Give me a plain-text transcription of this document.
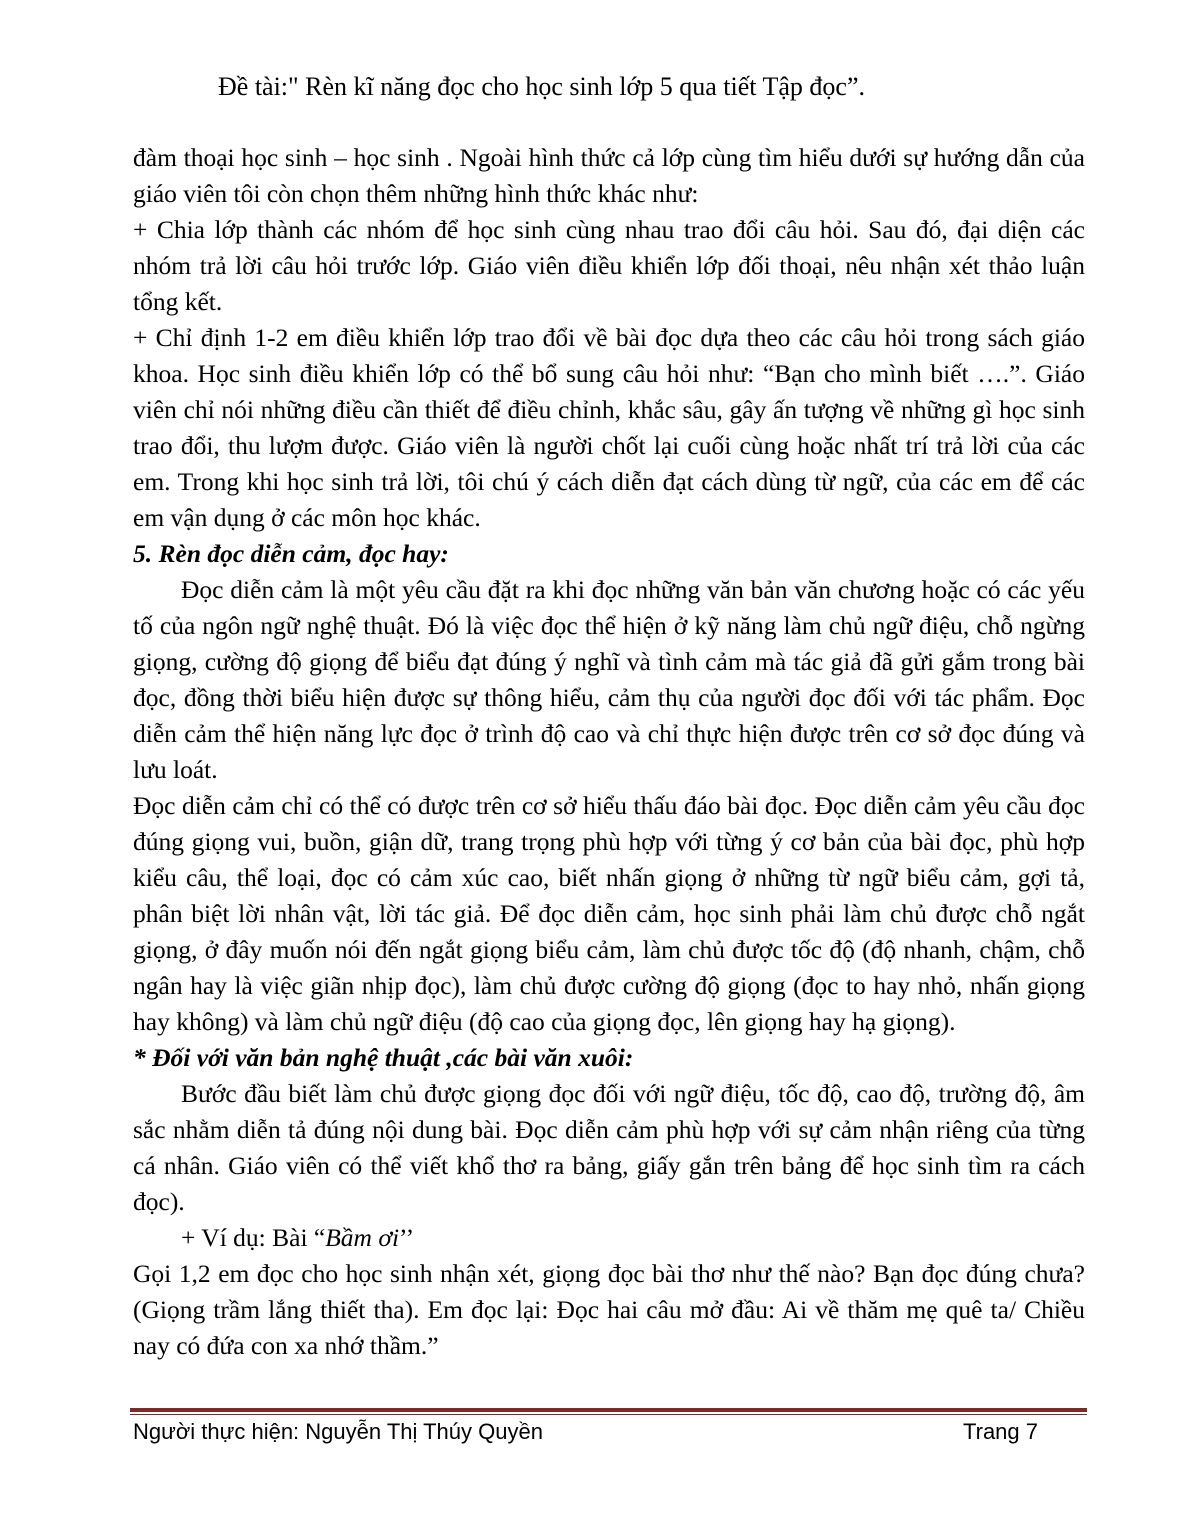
Đề tài:" Rèn kĩ năng đọc cho học sinh lớp 5 qua tiết Tập đọc”.

đàm thoại học sinh – học sinh . Ngoài hình thức cả lớp cùng tìm hiểu dưới sự hướng dẫn của giáo viên tôi còn chọn thêm những hình thức khác như:

+ Chia lớp thành các nhóm để học sinh cùng nhau trao đổi câu hỏi. Sau đó, đại diện các nhóm trả lời câu hỏi trước lớp. Giáo viên điều khiển lớp đối thoại, nêu nhận xét thảo luận tổng kết.

+ Chỉ định 1-2 em điều khiển lớp trao đổi về bài đọc dựa theo các câu hỏi trong sách giáo khoa. Học sinh điều khiển lớp có thể bổ sung câu hỏi như: “Bạn cho mình biết ….”. Giáo viên chỉ nói những điều cần thiết để điều chỉnh, khắc sâu, gây ấn tượng về những gì học sinh trao đổi, thu lượm được. Giáo viên là người chốt lại cuối cùng hoặc nhất trí trả lời của các em. Trong khi học sinh trả lời, tôi chú ý cách diễn đạt cách dùng từ ngữ, của các em để các em vận dụng ở các môn học khác.

5. Rèn đọc diễn cảm, đọc hay:

Đọc diễn cảm là một yêu cầu đặt ra khi đọc những văn bản văn chương hoặc có các yếu tố của ngôn ngữ nghệ thuật. Đó là việc đọc thể hiện ở kỹ năng làm chủ ngữ điệu, chỗ ngừng giọng, cường độ giọng để biểu đạt đúng ý nghĩ và tình cảm mà tác giả đã gửi gắm trong bài đọc, đồng thời biểu hiện được sự thông hiểu, cảm thụ của người đọc đối với tác phẩm. Đọc diễn cảm thể hiện năng lực đọc ở trình độ cao và chỉ thực hiện được trên cơ sở đọc đúng và lưu loát.

Đọc diễn cảm chỉ có thể có được trên cơ sở hiểu thấu đáo bài đọc. Đọc diễn cảm yêu cầu đọc đúng giọng vui, buồn, giận dữ, trang trọng phù hợp với từng ý cơ bản của bài đọc, phù hợp kiểu câu, thể loại, đọc có cảm xúc cao, biết nhấn giọng ở những từ ngữ biểu cảm, gợi tả, phân biệt lời nhân vật, lời tác giả. Để đọc diễn cảm, học sinh phải làm chủ được chỗ ngắt giọng, ở đây muốn nói đến ngắt giọng biểu cảm, làm chủ được tốc độ (độ nhanh, chậm, chỗ ngân hay là việc giãn nhịp đọc), làm chủ được cường độ giọng (đọc to hay nhỏ, nhấn giọng hay không) và làm chủ ngữ điệu (độ cao của giọng đọc, lên giọng hay hạ giọng).

* Đối với văn bản nghệ thuật ,các bài văn xuôi:

Bước đầu biết làm chủ được giọng đọc đối với ngữ điệu, tốc độ, cao độ, trường độ, âm sắc nhằm diễn tả đúng nội dung bài. Đọc diễn cảm phù hợp với sự cảm nhận riêng của từng cá nhân. Giáo viên có thể viết khổ thơ ra bảng, giấy gắn trên bảng để học sinh tìm ra cách đọc).

+ Ví dụ: Bài “Bầm ơi’’

Gọi 1,2 em đọc cho học sinh nhận xét, giọng đọc bài thơ như thế nào? Bạn đọc đúng chưa? (Giọng trầm lắng thiết tha). Em đọc lại: Đọc hai câu mở đầu: Ai về thăm mẹ quê ta/ Chiều nay có đứa con xa nhớ thầm.”

Người thực hiện: Nguyễn Thị Thúy Quyền	Trang 7
